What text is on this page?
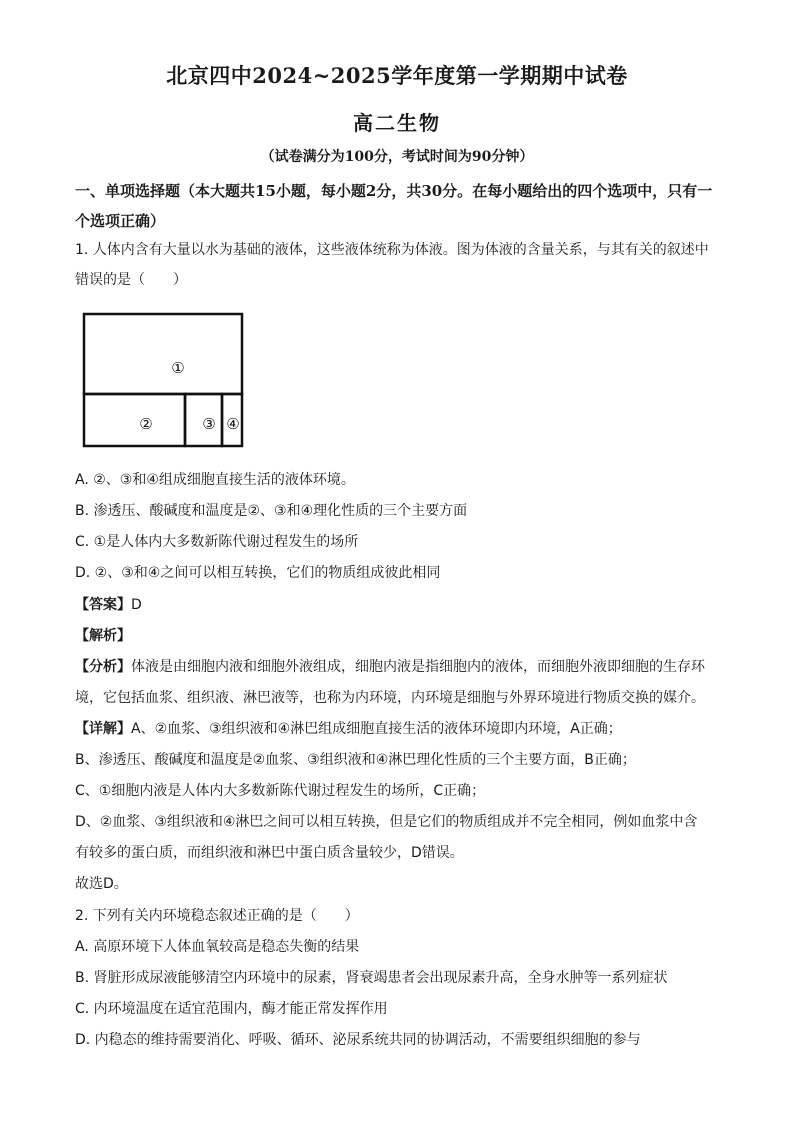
北京四中2024~2025学年度第一学期期中试卷
高二生物
（试卷满分为100分，考试时间为90分钟）
一、单项选择题（本大题共15小题，每小题2分，共30分。在每小题给出的四个选项中，只有一个选项正确）
1. 人体内含有大量以水为基础的液体，这些液体统称为体液。图为体液的含量关系，与其有关的叙述中
错误的是（　　）
①
②	③ ④
A. ②、③和④组成细胞直接生活的液体环境。
B. 渗透压、酸碱度和温度是②、③和④理化性质的三个主要方面
C. ①是人体内大多数新陈代谢过程发生的场所
D. ②、③和④之间可以相互转换，它们的物质组成彼此相同
【答案】D
【解析】
【分析】体液是由细胞内液和细胞外液组成，细胞内液是指细胞内的液体，而细胞外液即细胞的生存环
境，它包括血浆、组织液、淋巴液等，也称为内环境，内环境是细胞与外界环境进行物质交换的媒介。
【详解】A、②血浆、③组织液和④淋巴组成细胞直接生活的液体环境即内环境，A正确；
B、渗透压、酸碱度和温度是②血浆、③组织液和④淋巴理化性质的三个主要方面，B正确；
C、①细胞内液是人体内大多数新陈代谢过程发生的场所，C正确；
D、②血浆、③组织液和④淋巴之间可以相互转换，但是它们的物质组成并不完全相同，例如血浆中含
有较多的蛋白质，而组织液和淋巴中蛋白质含量较少，D错误。
故选D。
2. 下列有关内环境稳态叙述正确的是（　　）
A. 高原环境下人体血氧较高是稳态失衡的结果
B. 肾脏形成尿液能够清空内环境中的尿素，肾衰竭患者会出现尿素升高，全身水肿等一系列症状
C. 内环境温度在适宜范围内，酶才能正常发挥作用
D. 内稳态的维持需要消化、呼吸、循环、泌尿系统共同的协调活动，不需要组织细胞的参与
